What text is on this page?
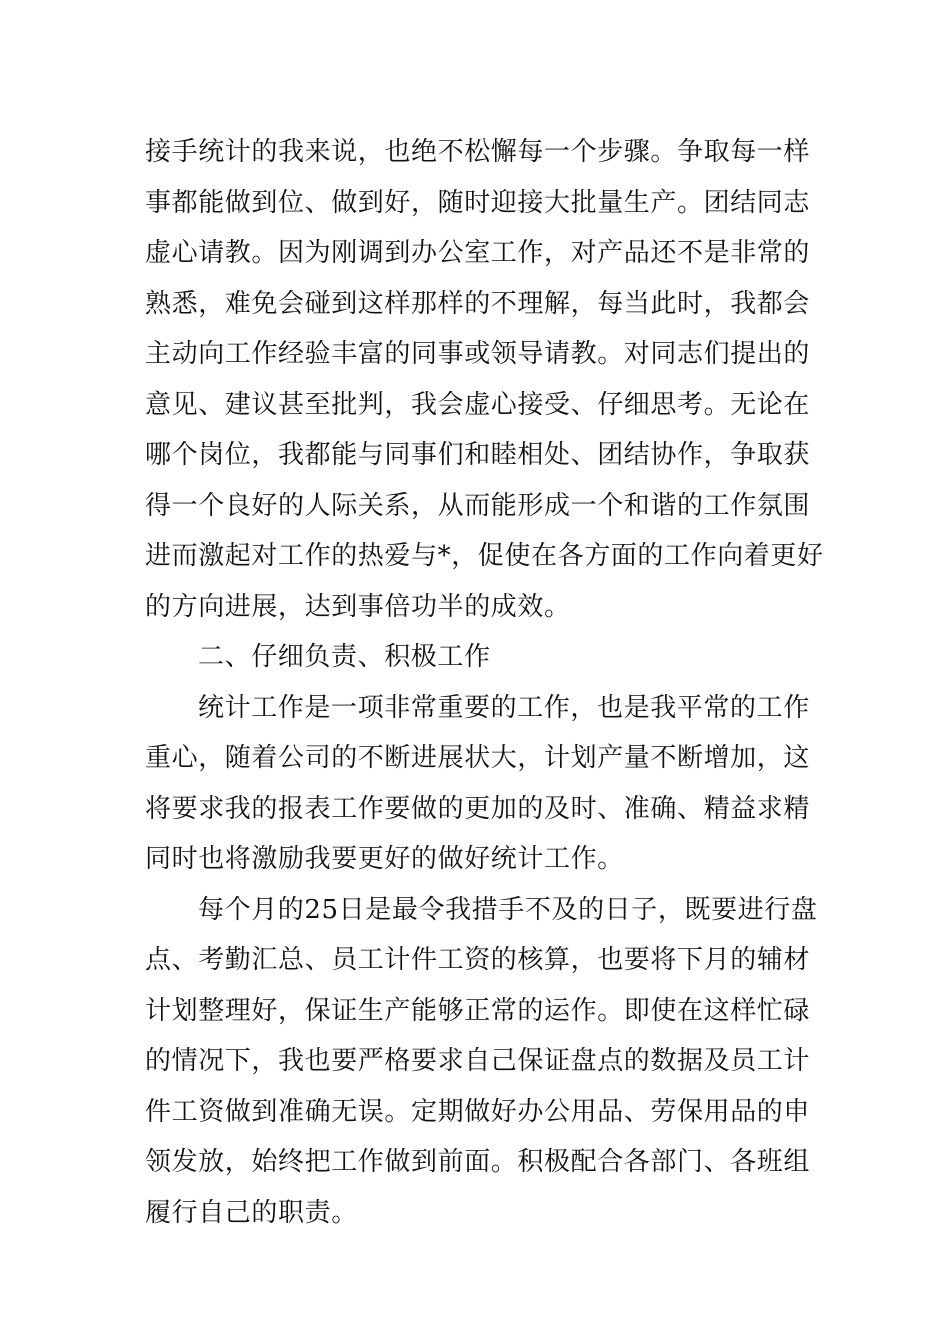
接手统计的我来说，也绝不松懈每一个步骤。争取每一样
事都能做到位、做到好，随时迎接大批量生产。团结同志
虚心请教。因为刚调到办公室工作，对产品还不是非常的
熟悉，难免会碰到这样那样的不理解，每当此时，我都会
主动向工作经验丰富的同事或领导请教。对同志们提出的
意见、建议甚至批判，我会虚心接受、仔细思考。无论在
哪个岗位，我都能与同事们和睦相处、团结协作，争取获
得一个良好的人际关系，从而能形成一个和谐的工作氛围
进而激起对工作的热爱与*，促使在各方面的工作向着更好
的方向进展，达到事倍功半的成效。
二、仔细负责、积极工作
统计工作是一项非常重要的工作，也是我平常的工作
重心，随着公司的不断进展状大，计划产量不断增加，这
将要求我的报表工作要做的更加的及时、准确、精益求精
同时也将激励我要更好的做好统计工作。
每个月的25日是最令我措手不及的日子，既要进行盘
点、考勤汇总、员工计件工资的核算，也要将下月的辅材
计划整理好，保证生产能够正常的运作。即使在这样忙碌
的情况下，我也要严格要求自己保证盘点的数据及员工计
件工资做到准确无误。定期做好办公用品、劳保用品的申
领发放，始终把工作做到前面。积极配合各部门、各班组
履行自己的职责。
